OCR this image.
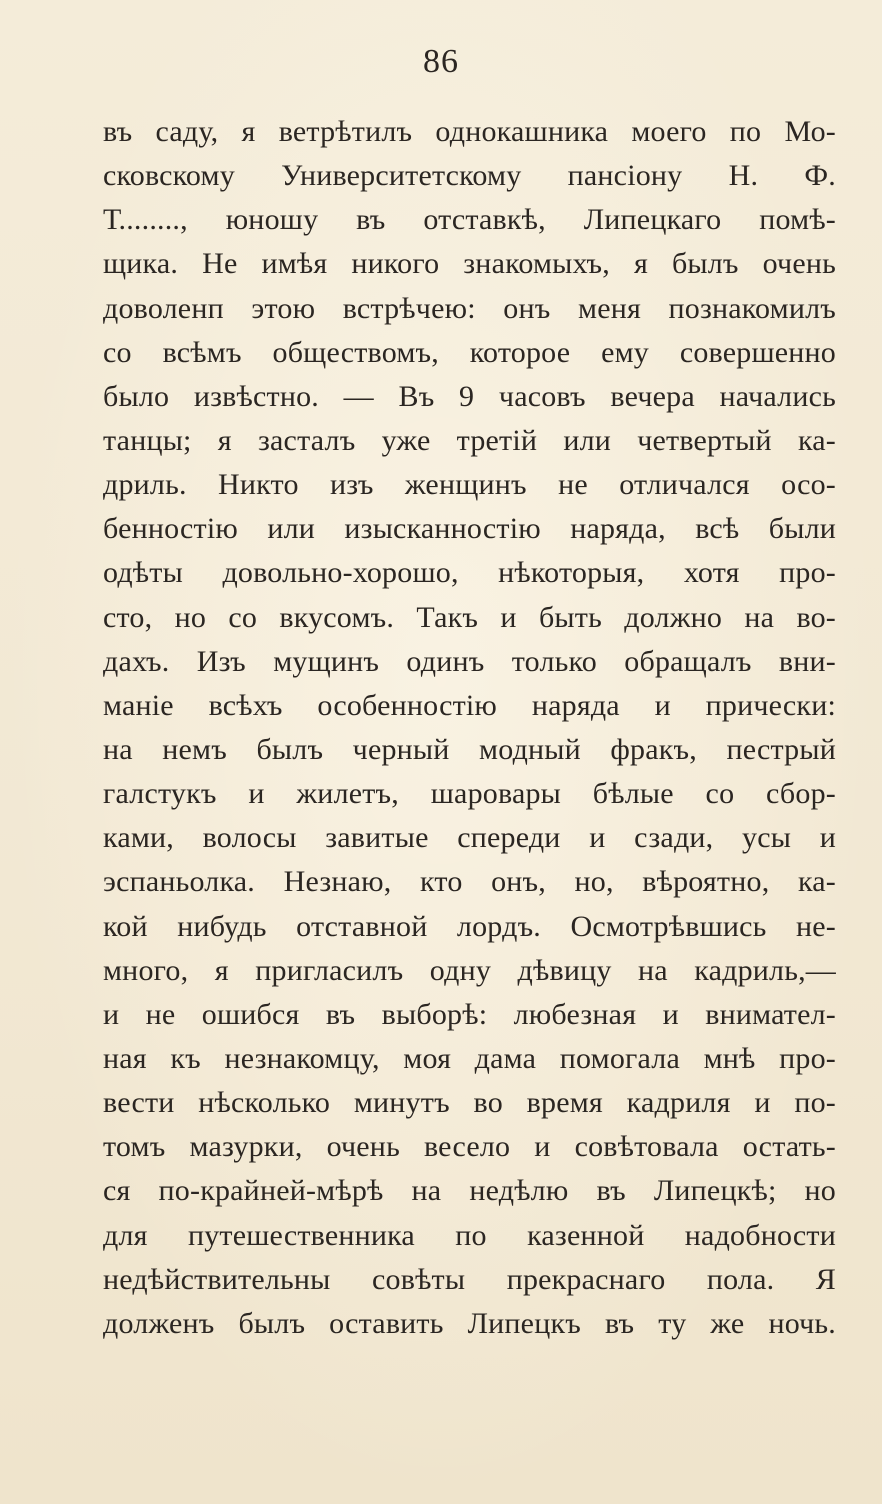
86
въ саду, я ветрѣтилъ однокашника моего по Мо-
сковскому Университетскому пансіону Н. Ф.
Т........, юношу въ отставкѣ, Липецкаго помѣ-
щика. Не имѣя никого знакомыхъ, я былъ очень
доволенп этою встрѣчею: онъ меня познакомилъ
со всѣмъ обществомъ, которое ему совершенно
было извѣстно. — Въ 9 часовъ вечера начались
танцы; я засталъ уже третій или четвертый ка-
дриль. Никто изъ женщинъ не отличался осо-
бенностію или изысканностію наряда, всѣ были
одѣты довольно-хорошо, нѣкоторыя, хотя про-
сто, но со вкусомъ. Такъ и быть должно на во-
дахъ. Изъ мущинъ одинъ только обращалъ вни-
маніе всѣхъ особенностію наряда и прически:
на немъ былъ черный модный фракъ, пестрый
галстукъ и жилетъ, шаровары бѣлые со сбор-
ками, волосы завитые спереди и сзади, усы и
эспаньолка. Незнаю, кто онъ, но, вѣроятно, ка-
кой нибудь отставной лордъ. Осмотрѣвшись не-
много, я пригласилъ одну дѣвицу на кадриль,—
и не ошибся въ выборѣ: любезная и внимател-
ная къ незнакомцу, моя дама помогала мнѣ про-
вести нѣсколько минутъ во время кадриля и по-
томъ мазурки, очень весело и совѣтовала остать-
ся по-крайней-мѣрѣ на недѣлю въ Липецкѣ; но
для путешественника по казенной надобности
недѣйствительны совѣты прекраснаго пола. Я
долженъ былъ оставить Липецкъ въ ту же ночь.
